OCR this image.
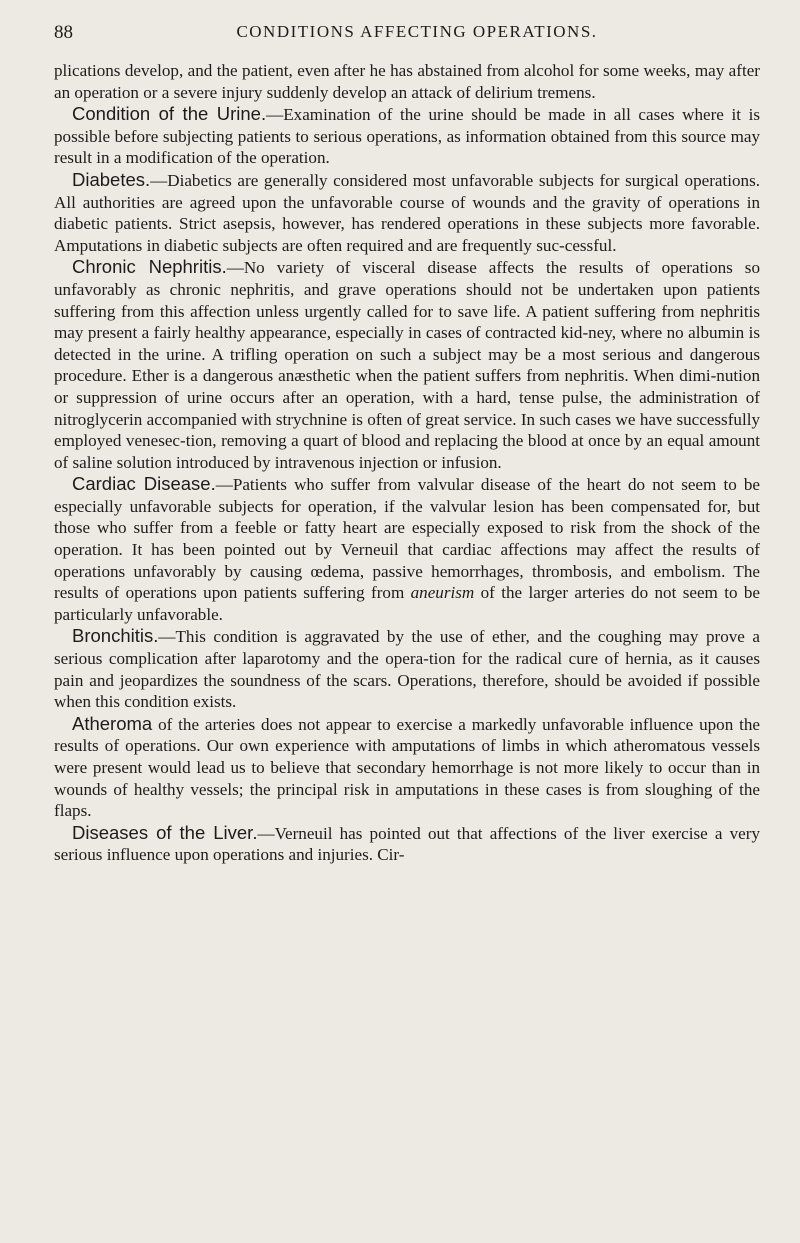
88	CONDITIONS AFFECTING OPERATIONS.

plications develop, and the patient, even after he has abstained from alcohol for some weeks, may after an operation or a severe injury suddenly develop an attack of delirium tremens.

Condition of the Urine.—Examination of the urine should be made in all cases where it is possible before subjecting patients to serious operations, as information obtained from this source may result in a modification of the operation.

Diabetes.—Diabetics are generally considered most unfavorable subjects for surgical operations. All authorities are agreed upon the unfavorable course of wounds and the gravity of operations in diabetic patients. Strict asepsis, however, has rendered operations in these subjects more favorable. Amputations in diabetic subjects are often required and are frequently suc-cessful.

Chronic Nephritis.—No variety of visceral disease affects the results of operations so unfavorably as chronic nephritis, and grave operations should not be undertaken upon patients suffering from this affection unless urgently called for to save life. A patient suffering from nephritis may present a fairly healthy appearance, especially in cases of contracted kid-ney, where no albumin is detected in the urine. A trifling operation on such a subject may be a most serious and dangerous procedure. Ether is a dangerous anæsthetic when the patient suffers from nephritis. When dimi-nution or suppression of urine occurs after an operation, with a hard, tense pulse, the administration of nitroglycerin accompanied with strychnine is often of great service. In such cases we have successfully employed venesec-tion, removing a quart of blood and replacing the blood at once by an equal amount of saline solution introduced by intravenous injection or infusion.

Cardiac Disease.—Patients who suffer from valvular disease of the heart do not seem to be especially unfavorable subjects for operation, if the valvular lesion has been compensated for, but those who suffer from a feeble or fatty heart are especially exposed to risk from the shock of the operation. It has been pointed out by Verneuil that cardiac affections may affect the results of operations unfavorably by causing œdema, passive hemorrhages, thrombosis, and embolism. The results of operations upon patients suffering from aneurism of the larger arteries do not seem to be particularly unfavorable.

Bronchitis.—This condition is aggravated by the use of ether, and the coughing may prove a serious complication after laparotomy and the opera-tion for the radical cure of hernia, as it causes pain and jeopardizes the soundness of the scars. Operations, therefore, should be avoided if possible when this condition exists.

Atheroma of the arteries does not appear to exercise a markedly unfavorable influence upon the results of operations. Our own experience with amputations of limbs in which atheromatous vessels were present would lead us to believe that secondary hemorrhage is not more likely to occur than in wounds of healthy vessels; the principal risk in amputations in these cases is from sloughing of the flaps.

Diseases of the Liver.—Verneuil has pointed out that affections of the liver exercise a very serious influence upon operations and injuries. Cir-
